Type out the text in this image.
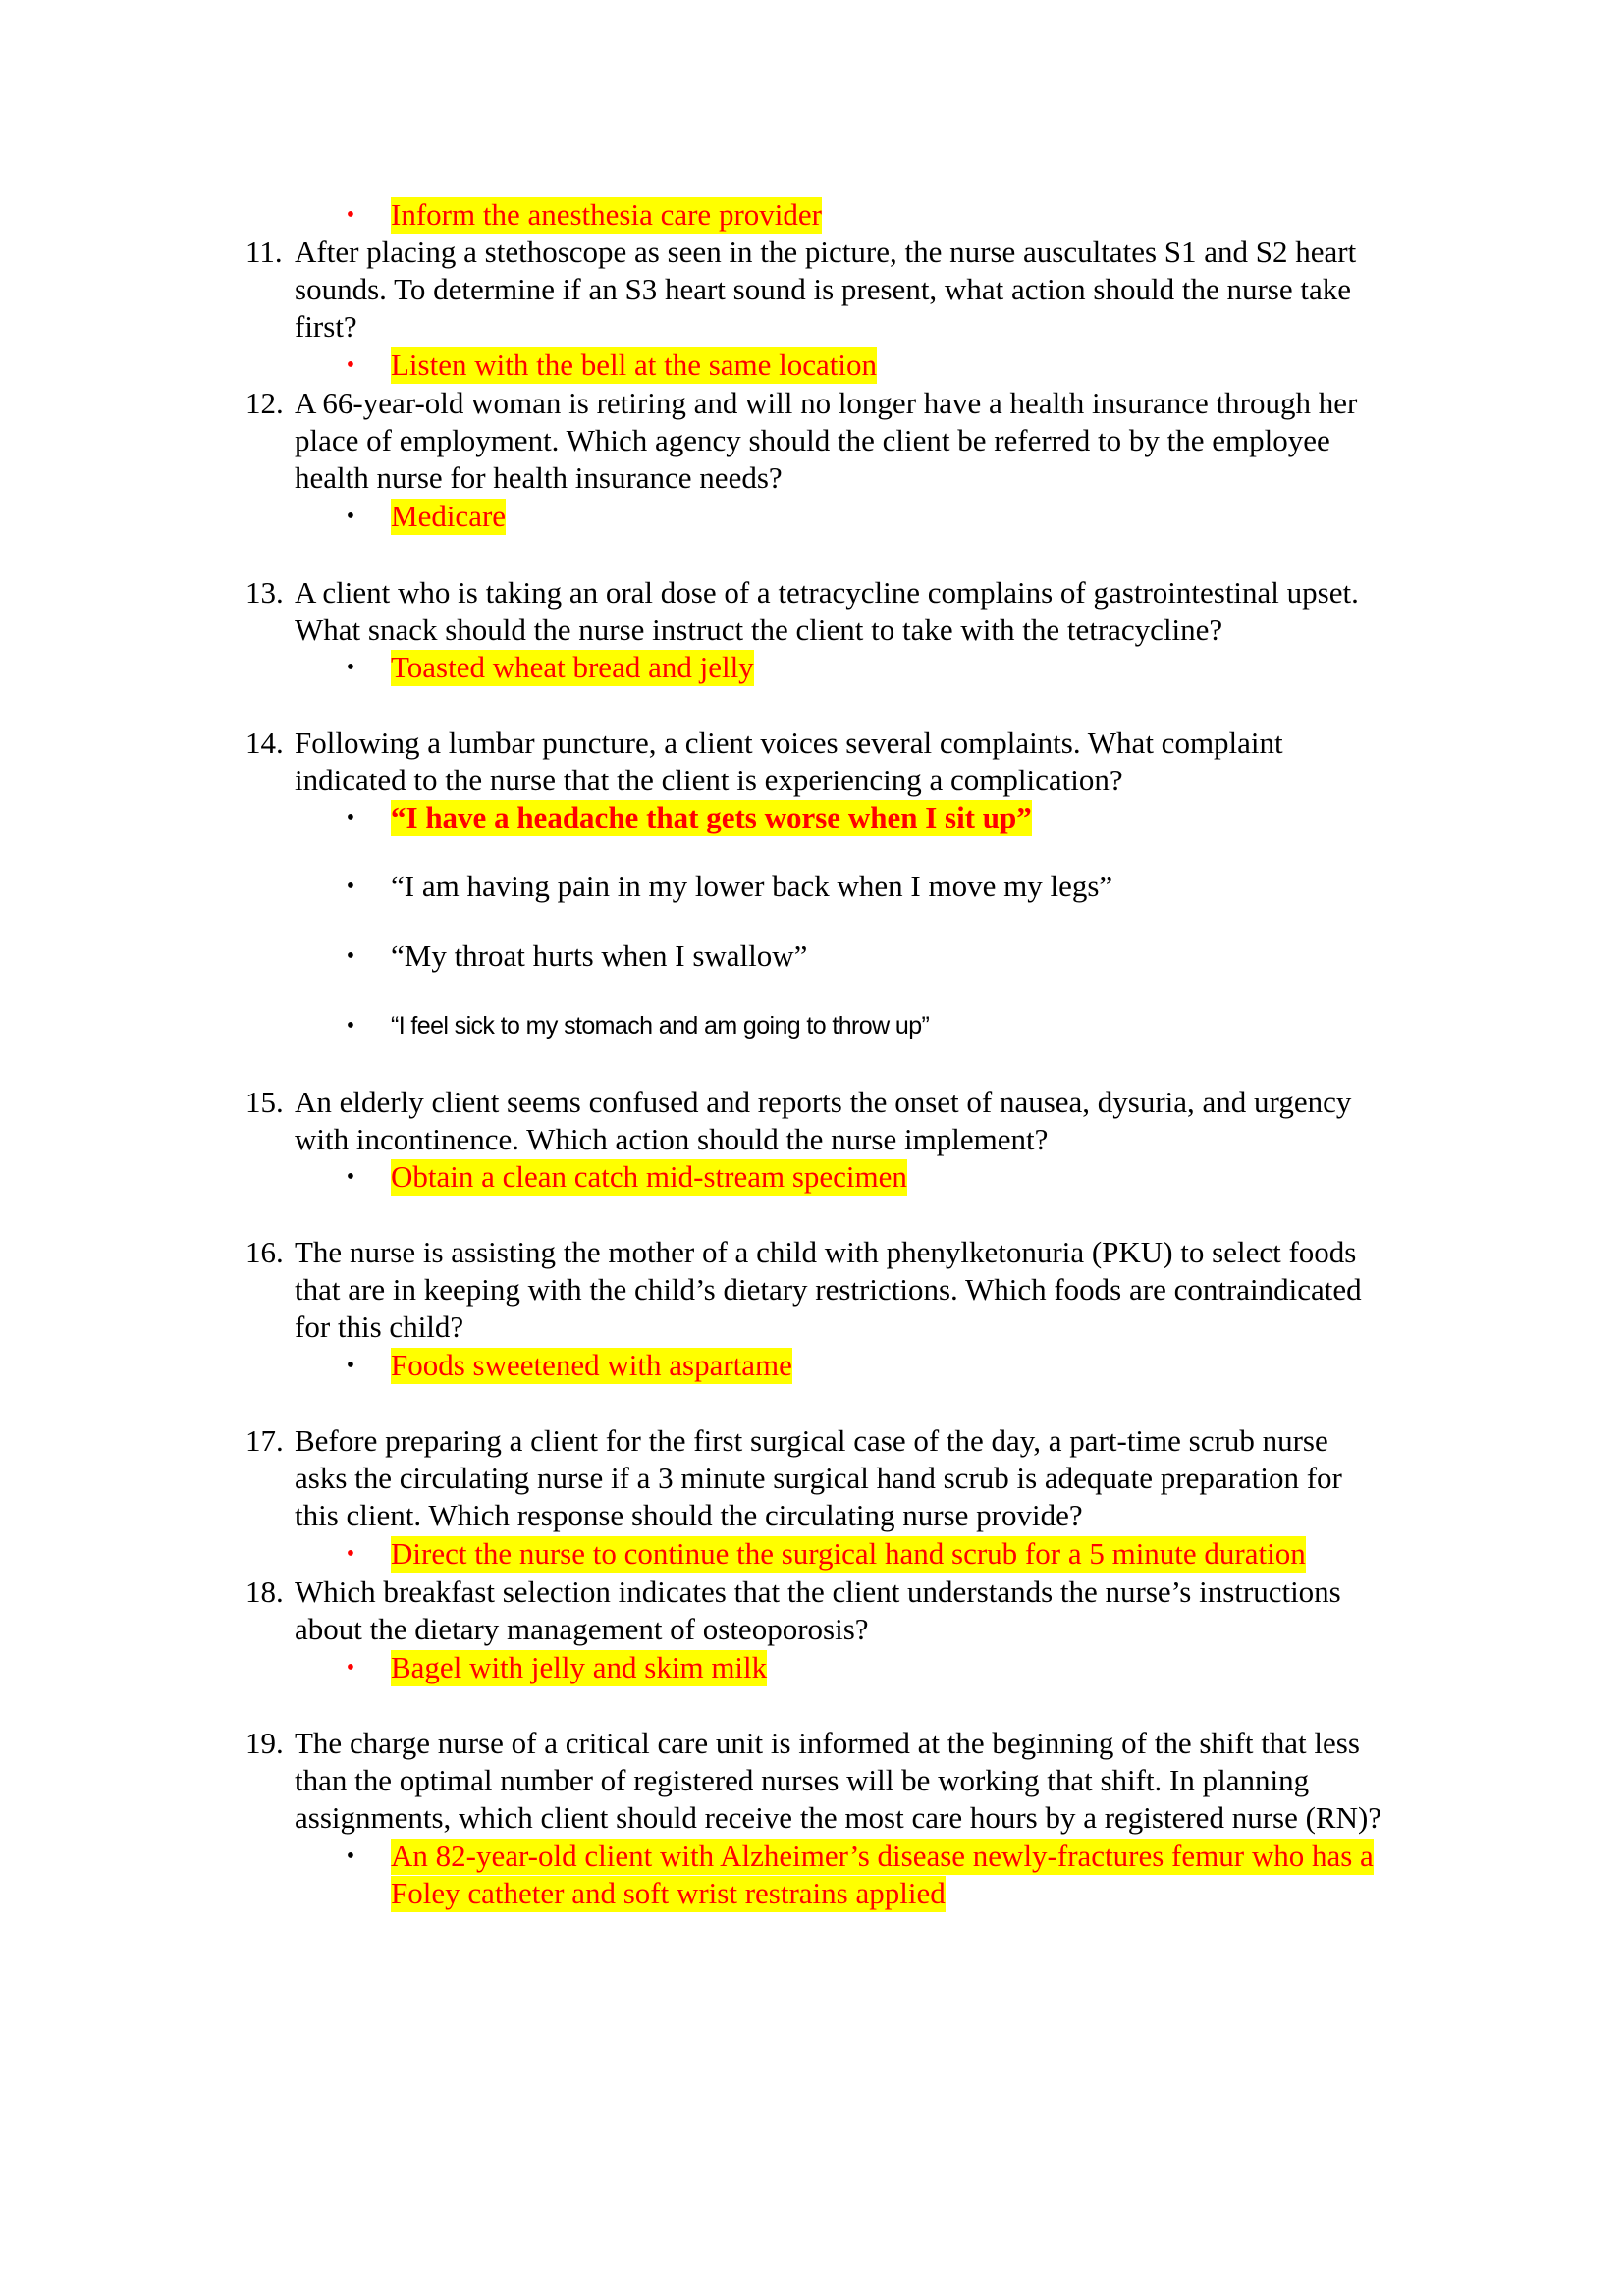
• Inform the anesthesia care provider
11. After placing a stethoscope as seen in the picture, the nurse auscultates S1 and S2 heart
sounds. To determine if an S3 heart sound is present, what action should the nurse take
first?
• Listen with the bell at the same location
12. A 66-year-old woman is retiring and will no longer have a health insurance through her
place of employment. Which agency should the client be referred to by the employee
health nurse for health insurance needs?
• Medicare
13. A client who is taking an oral dose of a tetracycline complains of gastrointestinal upset.
What snack should the nurse instruct the client to take with the tetracycline?
• Toasted wheat bread and jelly
14. Following a lumbar puncture, a client voices several complaints. What complaint
indicated to the nurse that the client is experiencing a complication?
• “I have a headache that gets worse when I sit up”
• “I am having pain in my lower back when I move my legs”
• “My throat hurts when I swallow”
• “I feel sick to my stomach and am going to throw up”
15. An elderly client seems confused and reports the onset of nausea, dysuria, and urgency
with incontinence. Which action should the nurse implement?
• Obtain a clean catch mid-stream specimen
16. The nurse is assisting the mother of a child with phenylketonuria (PKU) to select foods
that are in keeping with the child’s dietary restrictions. Which foods are contraindicated
for this child?
• Foods sweetened with aspartame
17. Before preparing a client for the first surgical case of the day, a part-time scrub nurse
asks the circulating nurse if a 3 minute surgical hand scrub is adequate preparation for
this client. Which response should the circulating nurse provide?
• Direct the nurse to continue the surgical hand scrub for a 5 minute duration
18. Which breakfast selection indicates that the client understands the nurse’s instructions
about the dietary management of osteoporosis?
• Bagel with jelly and skim milk
19. The charge nurse of a critical care unit is informed at the beginning of the shift that less
than the optimal number of registered nurses will be working that shift. In planning
assignments, which client should receive the most care hours by a registered nurse (RN)?
• An 82-year-old client with Alzheimer’s disease newly-fractures femur who has a
Foley catheter and soft wrist restrains applied
